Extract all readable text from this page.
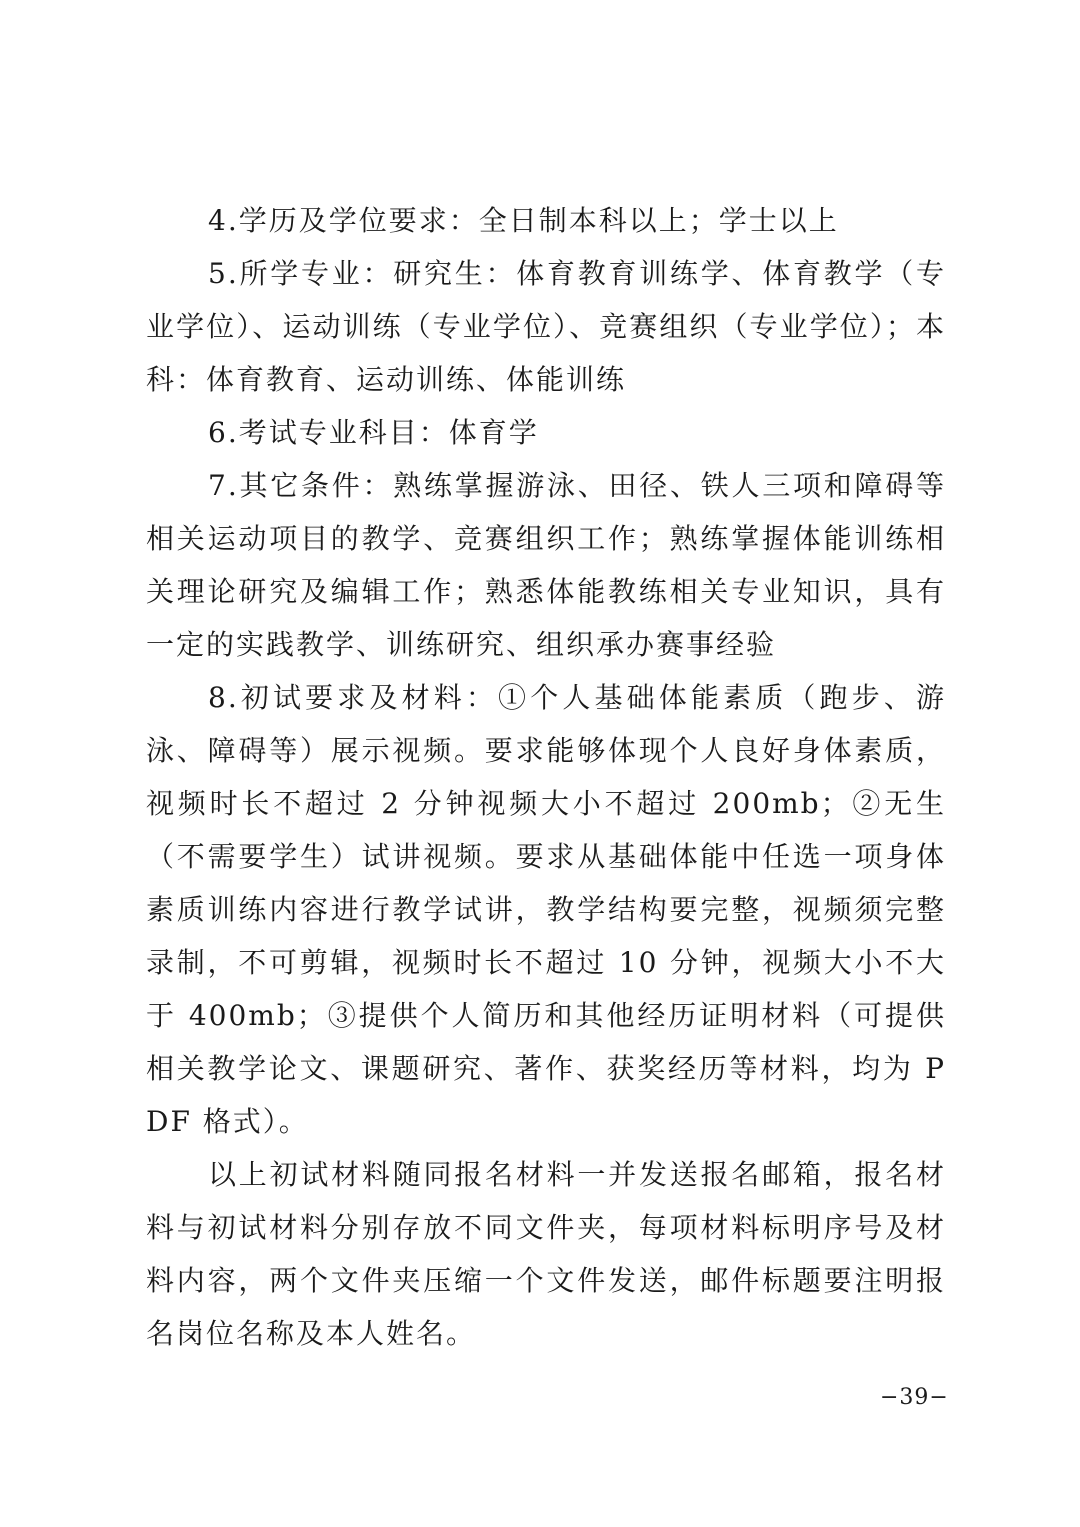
4.学历及学位要求：全日制本科以上；学士以上

5.所学专业：研究生：体育教育训练学、体育教学（专业学位）、运动训练（专业学位）、竞赛组织（专业学位）；本科：体育教育、运动训练、体能训练

6.考试专业科目：体育学

7.其它条件：熟练掌握游泳、田径、铁人三项和障碍等相关运动项目的教学、竞赛组织工作；熟练掌握体能训练相关理论研究及编辑工作；熟悉体能教练相关专业知识，具有一定的实践教学、训练研究、组织承办赛事经验

8.初试要求及材料：①个人基础体能素质（跑步、游泳、障碍等）展示视频。要求能够体现个人良好身体素质，视频时长不超过 2 分钟视频大小不超过 200mb；②无生（不需要学生）试讲视频。要求从基础体能中任选一项身体素质训练内容进行教学试讲，教学结构要完整，视频须完整录制，不可剪辑，视频时长不超过 10 分钟，视频大小不大于 400mb；③提供个人简历和其他经历证明材料（可提供相关教学论文、课题研究、著作、获奖经历等材料，均为 PDF 格式）。

以上初试材料随同报名材料一并发送报名邮箱，报名材料与初试材料分别存放不同文件夹，每项材料标明序号及材料内容，两个文件夹压缩一个文件发送，邮件标题要注明报名岗位名称及本人姓名。

−39−
